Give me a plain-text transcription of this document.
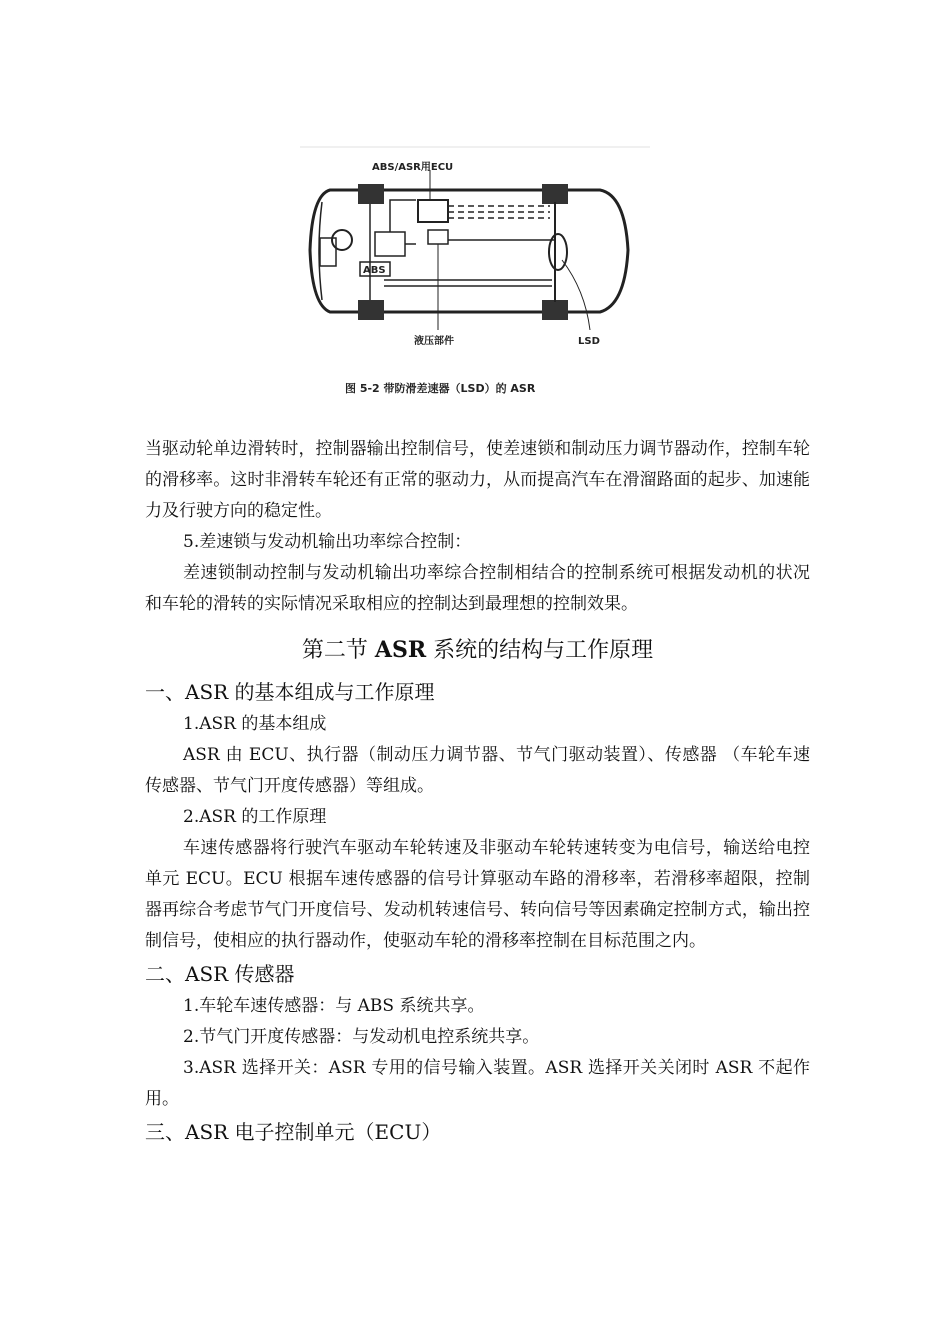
ABS/ASR用ECU
液压部件
ABS
LSD
图 5-2 带防滑差速器（LSD）的 ASR

当驱动轮单边滑转时，控制器输出控制信号，使差速锁和制动压力调节器动作，控制车轮的滑移率。这时非滑转车轮还有正常的驱动力，从而提高汽车在滑溜路面的起步、加速能力及行驶方向的稳定性。

5.差速锁与发动机输出功率综合控制：

差速锁制动控制与发动机输出功率综合控制相结合的控制系统可根据发动机的状况和车轮的滑转的实际情况采取相应的控制达到最理想的控制效果。

第二节 ASR 系统的结构与工作原理
一、ASR 的基本组成与工作原理

1.ASR 的基本组成

ASR 由 ECU、执行器（制动压力调节器、节气门驱动装置）、传感器 （车轮车速传感器、节气门开度传感器）等组成。

2.ASR 的工作原理

车速传感器将行驶汽车驱动车轮转速及非驱动车轮转速转变为电信号，输送给电控单元 ECU。ECU 根据车速传感器的信号计算驱动车路的滑移率，若滑移率超限，控制器再综合考虑节气门开度信号、发动机转速信号、转向信号等因素确定控制方式，输出控制信号，使相应的执行器动作，使驱动车轮的滑移率控制在目标范围之内。

二、ASR 传感器

1.车轮车速传感器：与 ABS 系统共享。

2.节气门开度传感器：与发动机电控系统共享。

3.ASR 选择开关：ASR 专用的信号输入装置。ASR 选择开关关闭时 ASR 不起作用。

三、ASR 电子控制单元（ECU）
